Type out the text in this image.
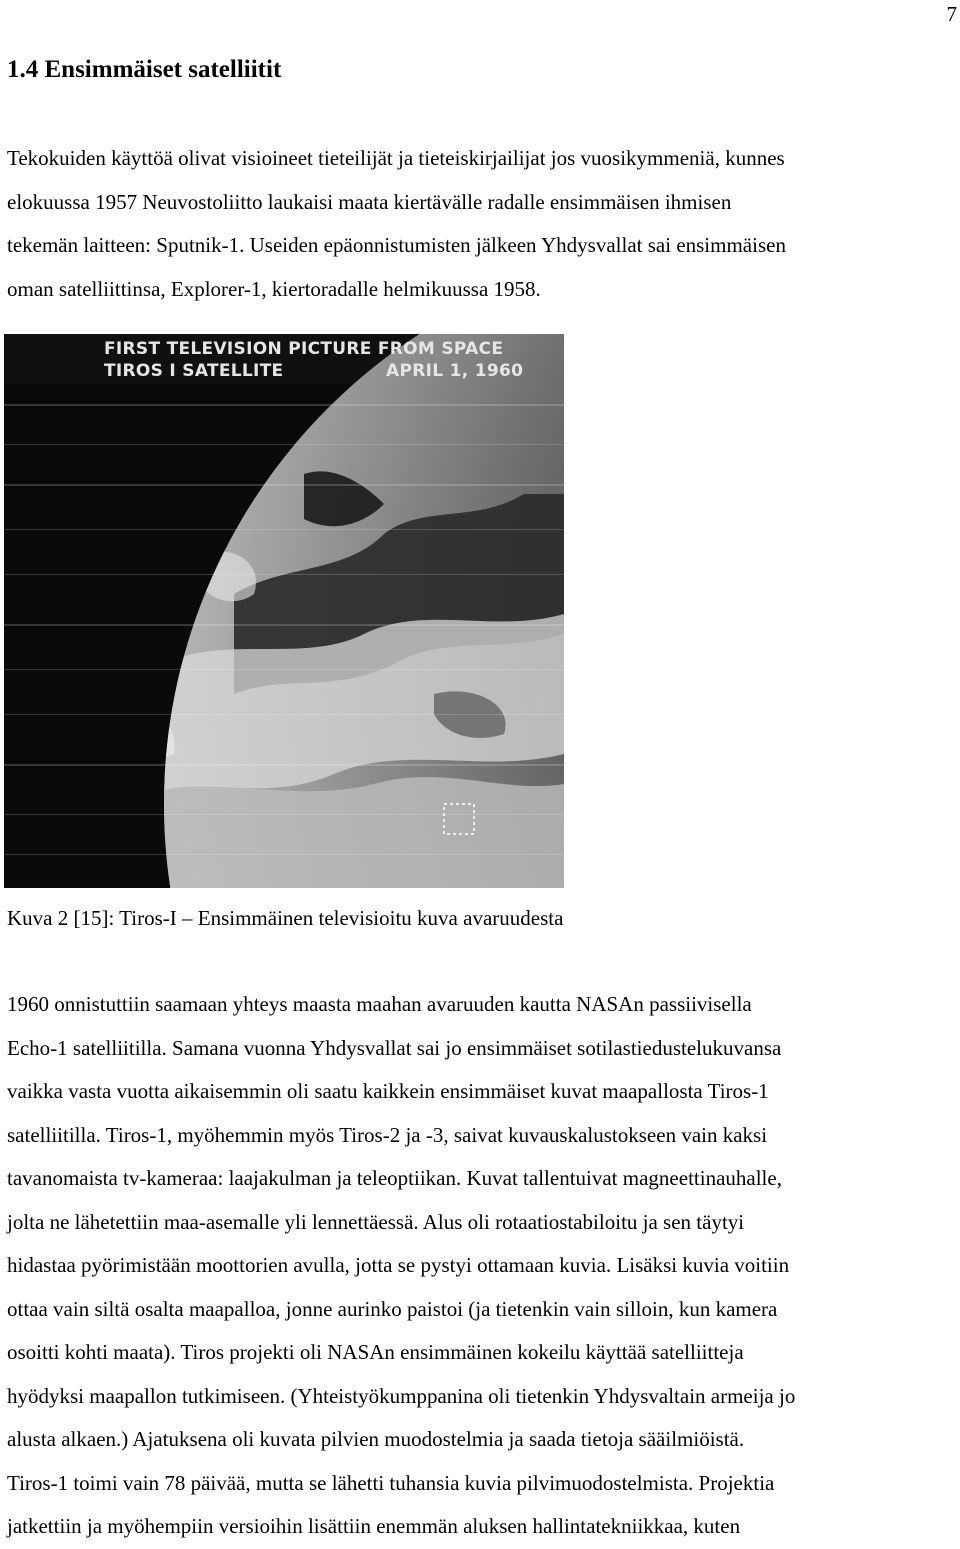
7
1.4 Ensimmäiset satelliitit

Tekokuiden käyttöä olivat visioineet tieteilijät ja tieteiskirjailijat jos vuosikymmeniä, kunnes
elokuussa 1957 Neuvostoliitto laukaisi maata kiertävälle radalle ensimmäisen ihmisen
tekemän laitteen: Sputnik-1. Useiden epäonnistumisten jälkeen Yhdysvallat sai ensimmäisen
oman satelliittinsa, Explorer-1, kiertoradalle helmikuussa 1958.

FIRST TELEVISION PICTURE FROM SPACE
TIROS I SATELLITE	APRIL 1, 1960

Kuva 2 [15]: Tiros-I – Ensimmäinen televisioitu kuva avaruudesta

1960 onnistuttiin saamaan yhteys maasta maahan avaruuden kautta NASAn passiivisella
Echo-1 satelliitilla. Samana vuonna Yhdysvallat sai jo ensimmäiset sotilastiedustelukuvansa
vaikka vasta vuotta aikaisemmin oli saatu kaikkein ensimmäiset kuvat maapallosta Tiros-1
satelliitilla. Tiros-1, myöhemmin myös Tiros-2 ja -3, saivat kuvauskalustokseen vain kaksi
tavanomaista tv-kameraa: laajakulman ja teleoptiikan. Kuvat tallentuivat magneettinauhalle,
jolta ne lähetettiin maa-asemalle yli lennettäessä. Alus oli rotaatiostabiloitu ja sen täytyi
hidastaa pyörimistään moottorien avulla, jotta se pystyi ottamaan kuvia. Lisäksi kuvia voitiin
ottaa vain siltä osalta maapalloa, jonne aurinko paistoi (ja tietenkin vain silloin, kun kamera
osoitti kohti maata). Tiros projekti oli NASAn ensimmäinen kokeilu käyttää satelliitteja
hyödyksi maapallon tutkimiseen. (Yhteistyökumppanina oli tietenkin Yhdysvaltain armeija jo
alusta alkaen.) Ajatuksena oli kuvata pilvien muodostelmia ja saada tietoja sääilmiöistä.
Tiros-1 toimi vain 78 päivää, mutta se lähetti tuhansia kuvia pilvimuodostelmista. Projektia
jatkettiin ja myöhempiin versioihin lisättiin enemmän aluksen hallintatekniikkaa, kuten
